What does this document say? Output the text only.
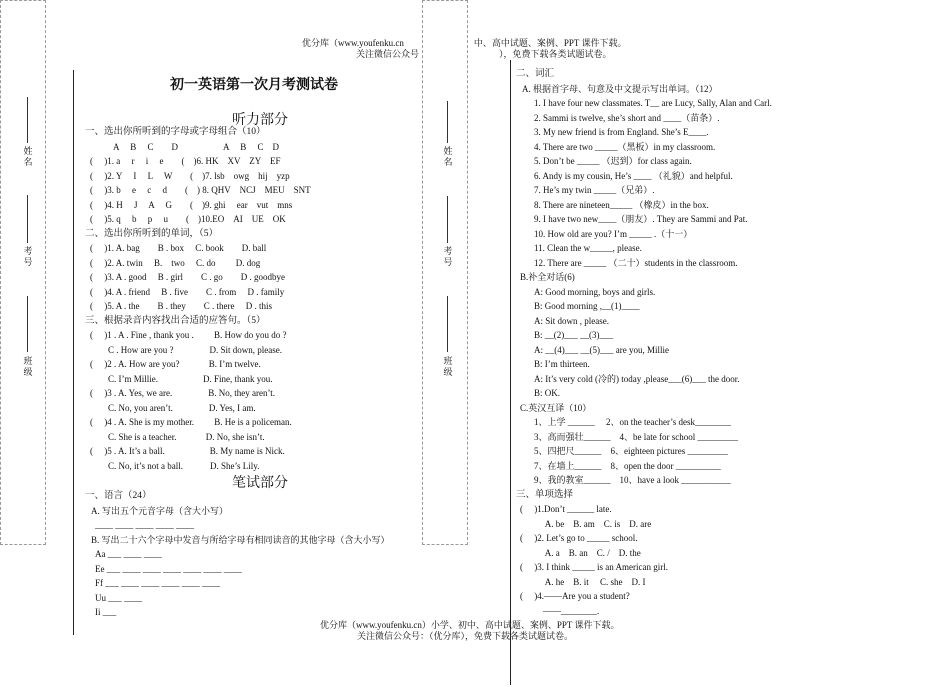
优分库（www.youfenku.cn	中、高中试题、案例、PPT 课件下载。
关注微信公众号	），免费下载各类试题试卷。
姓名
考号
班级
姓名
考号
班级
初一英语第一次月考测试卷
听力部分
一、选出你所听到的字母或字母组合（10）
A　 B　 C　　D　　　　　A　 B　 C　D
(　 )1. a　 r　 i　 e　　(　)6. HK　XV　ZY　EF
(　 )2. Y　 I　 L　 W　　(　)7. lsb　owg　hij　yzp
(　 )3. b　 e　 c　 d　　(　) 8. QHV　NCJ　MEU　SNT
(　 )4. H　 J　 A　 G　　(　)9. ghi　 ear　vut　mns
(　 )5. q　 b　 p　 u　　(　)10.EO　AI　UE　OK
二、选出你所听到的单词，（5）
(　 )1. A. bag　　B . box　 C. book　　D. ball
(　 )2. A. twin　 B.　two　 C. do　　 D. dog
(　 )3. A . good　 B . girl　　C . go　　D . goodbye
(　 )4. A . friend　 B . five　　C . from　 D . family
(　 )5. A . the　　B . they　　C . there　 D . this
三、根据录音内容找出合适的应答句。（5）
(　 )1 . A . Fine , thank you .　　 B. How do you do ?
　　C . How are you ?　　　　D. Sit down, please.
(　 )2 . A. How are you?　　　 B. I’m twelve.
　　C. I’m Millie.　　　　　D. Fine, thank you.
(　 )3 . A. Yes, we are.　　　　B. No, they aren’t.
　　C. No, you aren’t.　　　　D. Yes, I am.
(　 )4 . A. She is my mother.　　 B. He is a policeman.
　　C. She is a teacher.　　　 D. No, she isn’t.
(　 )5 . A. It’s a ball.　　　　　B. My name is Nick.
　　C. No, it’s not a ball.　　　D. She’s Lily.
笔试部分
一、语言（24）
A. 写出五个元音字母（含大小写）
____ ____ ____ ____ ____
B. 写出二十六个字母中发音与所给字母有相同读音的其他字母（含大小写）
Aa ___ ____ ____
Ee ___ ____ ____ ____ ____ ____ ____
Ff ___ ____ ____ ____ ____ ____
Uu ___ ____
Ii ___
二、词汇
A. 根据首字母、句意及中文提示写出单词。（12）
1. I have four new classmates. T__ are Lucy, Sally, Alan and Carl.
2. Sammi is twelve, she’s short and ____（苗条）.
3. My new friend is from England. She’s E____.
4. There are two _____（黑板）in my classroom.
5. Don’t be _____ （迟到）for class again.
6. Andy is my cousin, He’s ____ （礼貌）and helpful.
7. He’s my twin _____（兄弟）.
8. There are nineteen_____ （橡皮）in the box.
9. I have two new____（朋友）. They are Sammi and Pat.
10. How old are you? I’m _____ .（十一）
11. Clean the w_____, please.
12. There are _____ （二十）students in the classroom.
B.补全对话(6)
A: Good morning, boys and girls.
B: Good morning ,__(1)____
A: Sit down , please.
B: __(2)___ __(3)___
A: __(4)___ __(5)___ are you, Millie
B: I’m thirteen.
A: It’s very cold (冷的) today ,please___(6)___ the door.
B: OK.
C.英汉互译（10）
1、上学 ______　 2、on the teacher’s desk________
3、高而强壮______　4、be late for school _________
5、四把尺______　6、eighteen pictures _________
7、在墙上______　8、open the door __________
9、我的教室______　10、have a look ___________
三、单项选择
(　 )1.Don’t ______ late.
　 A. be　B. am　C. is　D. are
(　 )2. Let’s go to _____ school.
　 A. a　B. an　C. /　D. the
(　 )3. I think _____ is an American girl.
　 A. he　B. it　 C. she　D. I
(　 )4.——Are you a student?
　——________.
优分库（www.youfenku.cn）小学、初中、高中试题、案例、PPT 课件下载。
关注微信公众号：（优分库），免费下载各类试题试卷。
